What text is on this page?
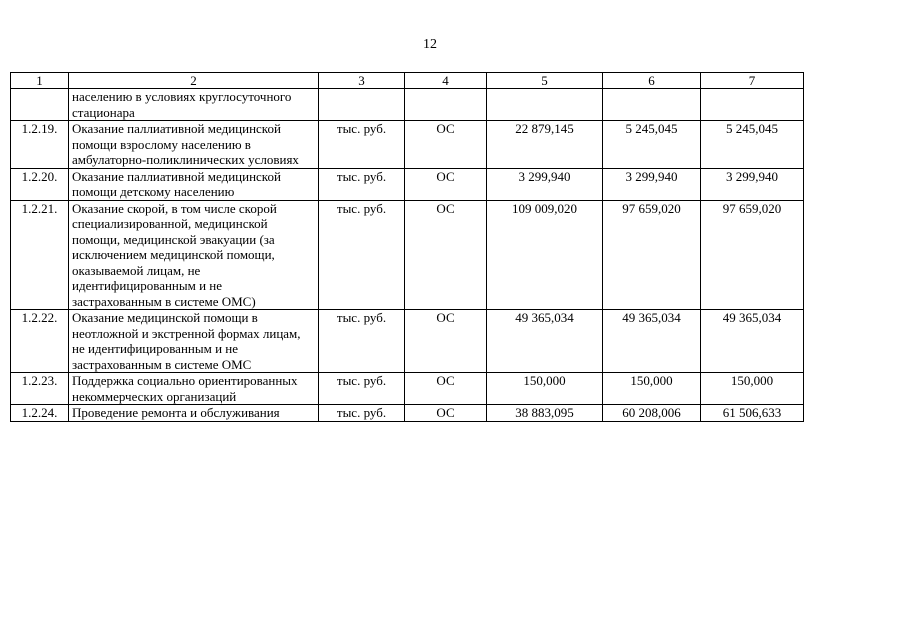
12
1	2	3	4	5	6	7
	населению в условиях круглосуточного стационара					
1.2.19.	Оказание паллиативной медицинской помощи взрослому населению в амбулаторно-поликлинических условиях	тыс. руб.	ОС	22 879,145	5 245,045	5 245,045
1.2.20.	Оказание паллиативной медицинской помощи детскому населению	тыс. руб.	ОС	3 299,940	3 299,940	3 299,940
1.2.21.	Оказание скорой, в том числе скорой специализированной, медицинской помощи, медицинской эвакуации (за исключением медицинской помощи, оказываемой лицам, не идентифицированным и не застрахованным в системе ОМС)	тыс. руб.	ОС	109 009,020	97 659,020	97 659,020
1.2.22.	Оказание медицинской помощи в неотложной и экстренной формах лицам, не идентифицированным и не застрахованным в системе ОМС	тыс. руб.	ОС	49 365,034	49 365,034	49 365,034
1.2.23.	Поддержка социально ориентированных некоммерческих организаций	тыс. руб.	ОС	150,000	150,000	150,000
1.2.24.	Проведение ремонта и обслуживания	тыс. руб.	ОС	38 883,095	60 208,006	61 506,633
